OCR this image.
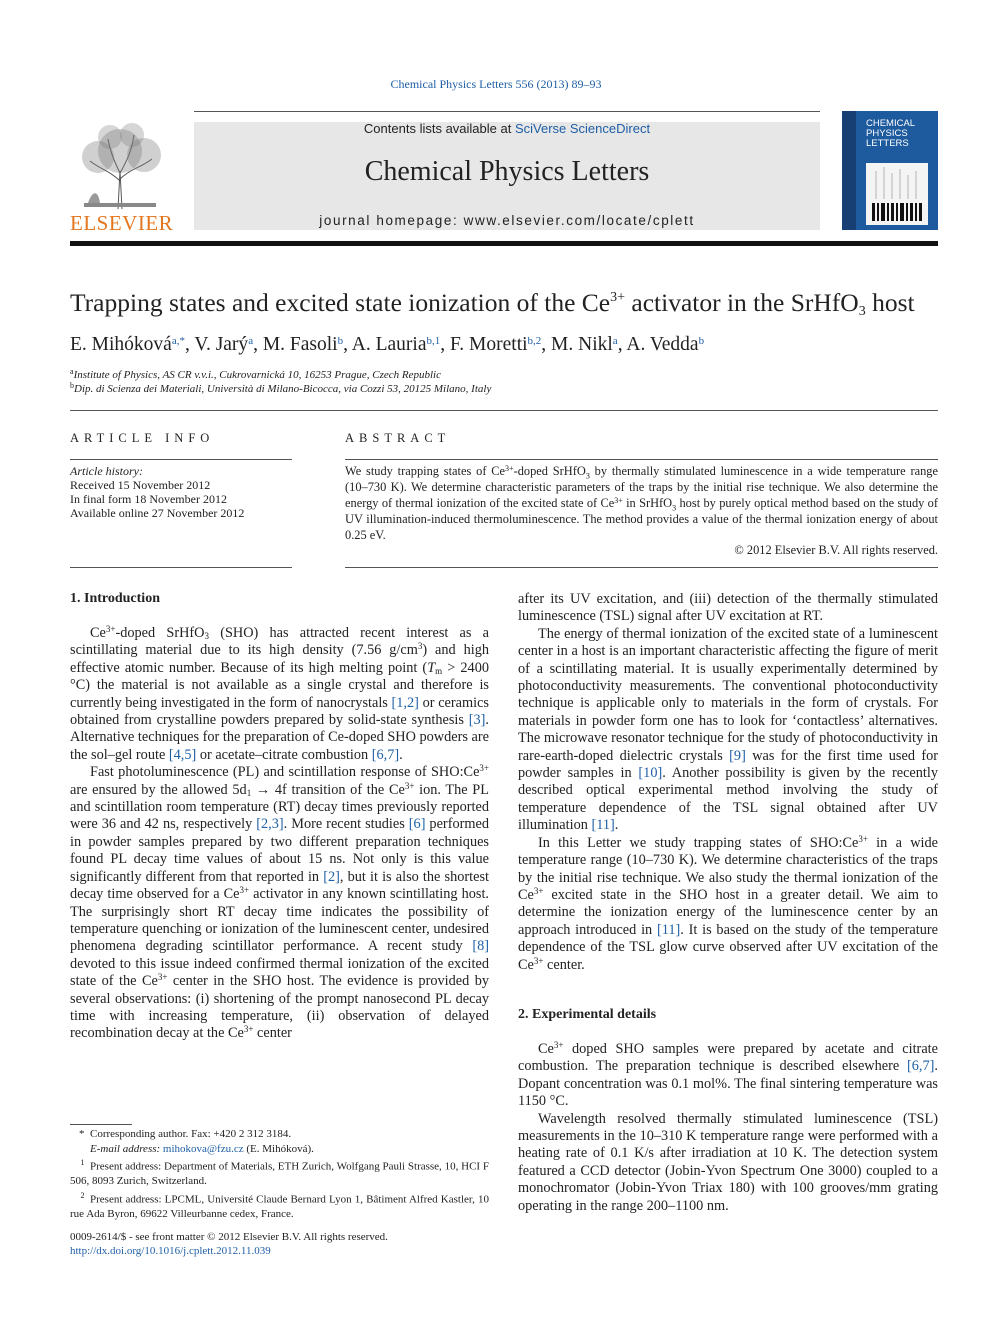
Chemical Physics Letters 556 (2013) 89–93
ELSEVIER
Contents lists available at SciVerse ScienceDirect
Chemical Physics Letters
journal homepage: www.elsevier.com/locate/cplett
CHEMICAL
PHYSICS
LETTERS
Trapping states and excited state ionization of the $Ce^{3+}$ activator in the SrHfO$_3$ host
E. Mihóková$^{a,*}$, V. Jarý$^a$, M. Fasoli$^b$, A. Lauria$^{b,1}$, F. Moretti$^{b,2}$, M. Nikl$^a$, A. Vedda$^b$
$^a$Institute of Physics, AS CR v.v.i., Cukrovarnická 10, 16253 Prague, Czech Republic
$^b$Dip. di Scienza dei Materiali, Università di Milano-Bicocca, via Cozzi 53, 20125 Milano, Italy
ARTICLE INFO
Article history:
Received 15 November 2012
In final form 18 November 2012
Available online 27 November 2012
ABSTRACT
We study trapping states of $Ce^{3+}$-doped SrHfO$_3$ by thermally stimulated luminescence in a wide temperature range (10–730 K). We determine characteristic parameters of the traps by the initial rise technique. We also determine the energy of thermal ionization of the excited state of $Ce^{3+}$ in SrHfO$_3$ host by purely optical method based on the study of UV illumination-induced thermoluminescence. The method provides a value of the thermal ionization energy of about 0.25 eV.
© 2012 Elsevier B.V. All rights reserved.
1. Introduction

$Ce^{3+}$-doped SrHfO$_3$ (SHO) has attracted recent interest as a scintillating material due to its high density (7.56 $g/cm^3$) and high effective atomic number. Because of its high melting point ($T_m > 2400$ °C) the material is not available as a single crystal and therefore is currently being investigated in the form of nanocrystals [1,2] or ceramics obtained from crystalline powders prepared by solid-state synthesis [3]. Alternative techniques for the preparation of Ce-doped SHO powders are the sol–gel route [4,5] or acetate–citrate combustion [6,7].

Fast photoluminescence (PL) and scintillation response of $SHO:Ce^{3+}$ are ensured by the allowed $5d_1 \to 4f$ transition of the $Ce^{3+}$ ion. The PL and scintillation room temperature (RT) decay times previously reported were 36 and 42 ns, respectively [2,3]. More recent studies [6] performed in powder samples prepared by two different preparation techniques found PL decay time values of about 15 ns. Not only is this value significantly different from that reported in [2], but it is also the shortest decay time observed for a $Ce^{3+}$ activator in any known scintillating host. The surprisingly short RT decay time indicates the possibility of temperature quenching or ionization of the luminescent center, undesired phenomena degrading scintillator performance. A recent study [8] devoted to this issue indeed confirmed thermal ionization of the excited state of the $Ce^{3+}$ center in the SHO host. The evidence is provided by several observations: (i) shortening of the prompt nanosecond PL decay time with increasing temperature, (ii) observation of delayed recombination decay at the $Ce^{3+}$ center

*  Corresponding author. Fax: +420 2 312 3184.
E-mail address: mihokova@fzu.cz (E. Mihóková).
$^1$ Present address: Department of Materials, ETH Zurich, Wolfgang Pauli Strasse, 10, HCI F 506, 8093 Zurich, Switzerland.
$^2$ Present address: LPCML, Université Claude Bernard Lyon 1, Bâtiment Alfred Kastler, 10 rue Ada Byron, 69622 Villeurbanne cedex, France.
0009-2614/$ - see front matter © 2012 Elsevier B.V. All rights reserved.
http://dx.doi.org/10.1016/j.cplett.2012.11.039

after its UV excitation, and (iii) detection of the thermally stimulated luminescence (TSL) signal after UV excitation at RT.

The energy of thermal ionization of the excited state of a luminescent center in a host is an important characteristic affecting the figure of merit of a scintillating material. It is usually experimentally determined by photoconductivity measurements. The conventional photoconductivity technique is applicable only to materials in the form of crystals. For materials in powder form one has to look for ‘contactless’ alternatives. The microwave resonator technique for the study of photoconductivity in rare-earth-doped dielectric crystals [9] was for the first time used for powder samples in [10]. Another possibility is given by the recently described optical experimental method involving the study of temperature dependence of the TSL signal obtained after UV illumination [11].

In this Letter we study trapping states of $SHO:Ce^{3+}$ in a wide temperature range (10–730 K). We determine characteristics of the traps by the initial rise technique. We also study the thermal ionization of the $Ce^{3+}$ excited state in the SHO host in a greater detail. We aim to determine the ionization energy of the luminescence center by an approach introduced in [11]. It is based on the study of the temperature dependence of the TSL glow curve observed after UV excitation of the $Ce^{3+}$ center.

2. Experimental details

$Ce^{3+}$ doped SHO samples were prepared by acetate and citrate combustion. The preparation technique is described elsewhere [6,7]. Dopant concentration was 0.1 mol%. The final sintering temperature was 1150 °C.

Wavelength resolved thermally stimulated luminescence (TSL) measurements in the 10–310 K temperature range were performed with a heating rate of 0.1 K/s after irradiation at 10 K. The detection system featured a CCD detector (Jobin-Yvon Spectrum One 3000) coupled to a monochromator (Jobin-Yvon Triax 180) with 100 grooves/mm grating operating in the range 200–1100 nm.
